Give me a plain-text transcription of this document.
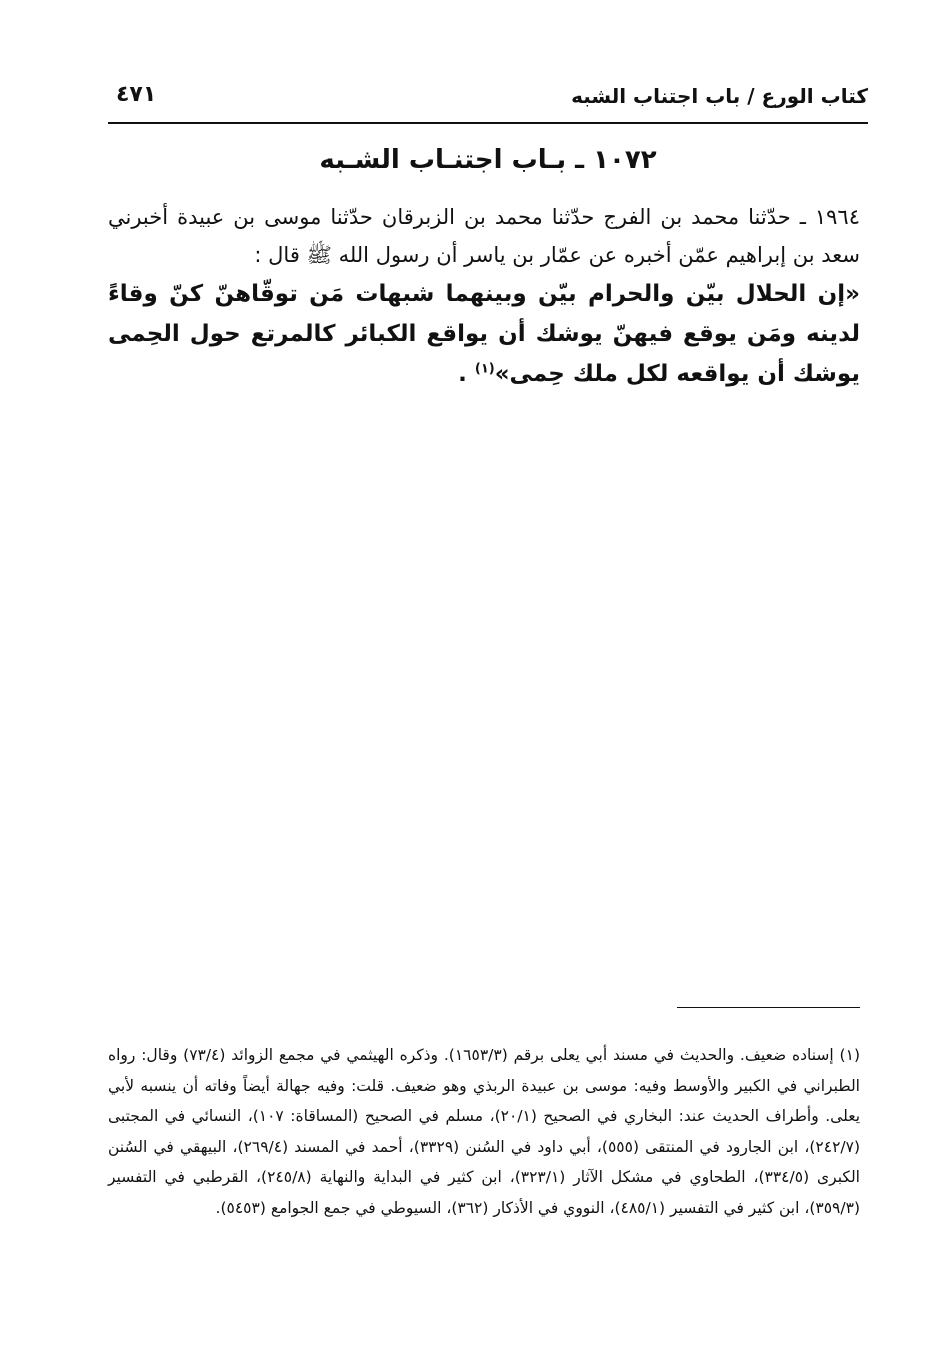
كتاب الورع / باب اجتناب الشبه
٤٧١
١٠٧٢ ـ بـاب اجتنـاب الشـبه

١٩٦٤ ـ حدّثنا محمد بن الفرج حدّثنا محمد بن الزبرقان حدّثنا موسى بن عبيدة أخبرني سعد بن إبراهيم عمّن أخبره عن عمّار بن ياسر أن رسول الله ﷺ قال :

«إن الحلال بيّن والحرام بيّن وبينهما شبهات مَن توقّاهنّ كنّ وقاءً لدينه ومَن يوقع فيهنّ يوشك أن يواقع الكبائر كالمرتع حول الحِمى يوشك أن يواقعه لكل ملك حِمى»$^{(١)}$ .

(١) إسناده ضعيف. والحديث في مسند أبي يعلى برقم (١٦٥٣/٣). وذكره الهيثمي في مجمع الزوائد (٧٣/٤) وقال: رواه الطبراني في الكبير والأوسط وفيه: موسى بن عبيدة الربذي وهو ضعيف. قلت: وفيه جهالة أيضاً وفاته أن ينسبه لأبي يعلى. وأطراف الحديث عند: البخاري في الصحيح (٢٠/١)، مسلم في الصحيح (المساقاة: ١٠٧)، النسائي في المجتبى (٢٤٢/٧)، ابن الجارود في المنتقى (٥٥٥)، أبي داود في السُنن (٣٣٢٩)، أحمد في المسند (٢٦٩/٤)، البيهقي في السُنن الكبرى (٣٣٤/٥)، الطحاوي في مشكل الآثار (٣٢٣/١)، ابن كثير في البداية والنهاية (٢٤٥/٨)، القرطبي في التفسير (٣٥٩/٣)، ابن كثير في التفسير (٤٨٥/١)، النووي في الأذكار (٣٦٢)، السيوطي في جمع الجوامع (٥٤٥٣).
